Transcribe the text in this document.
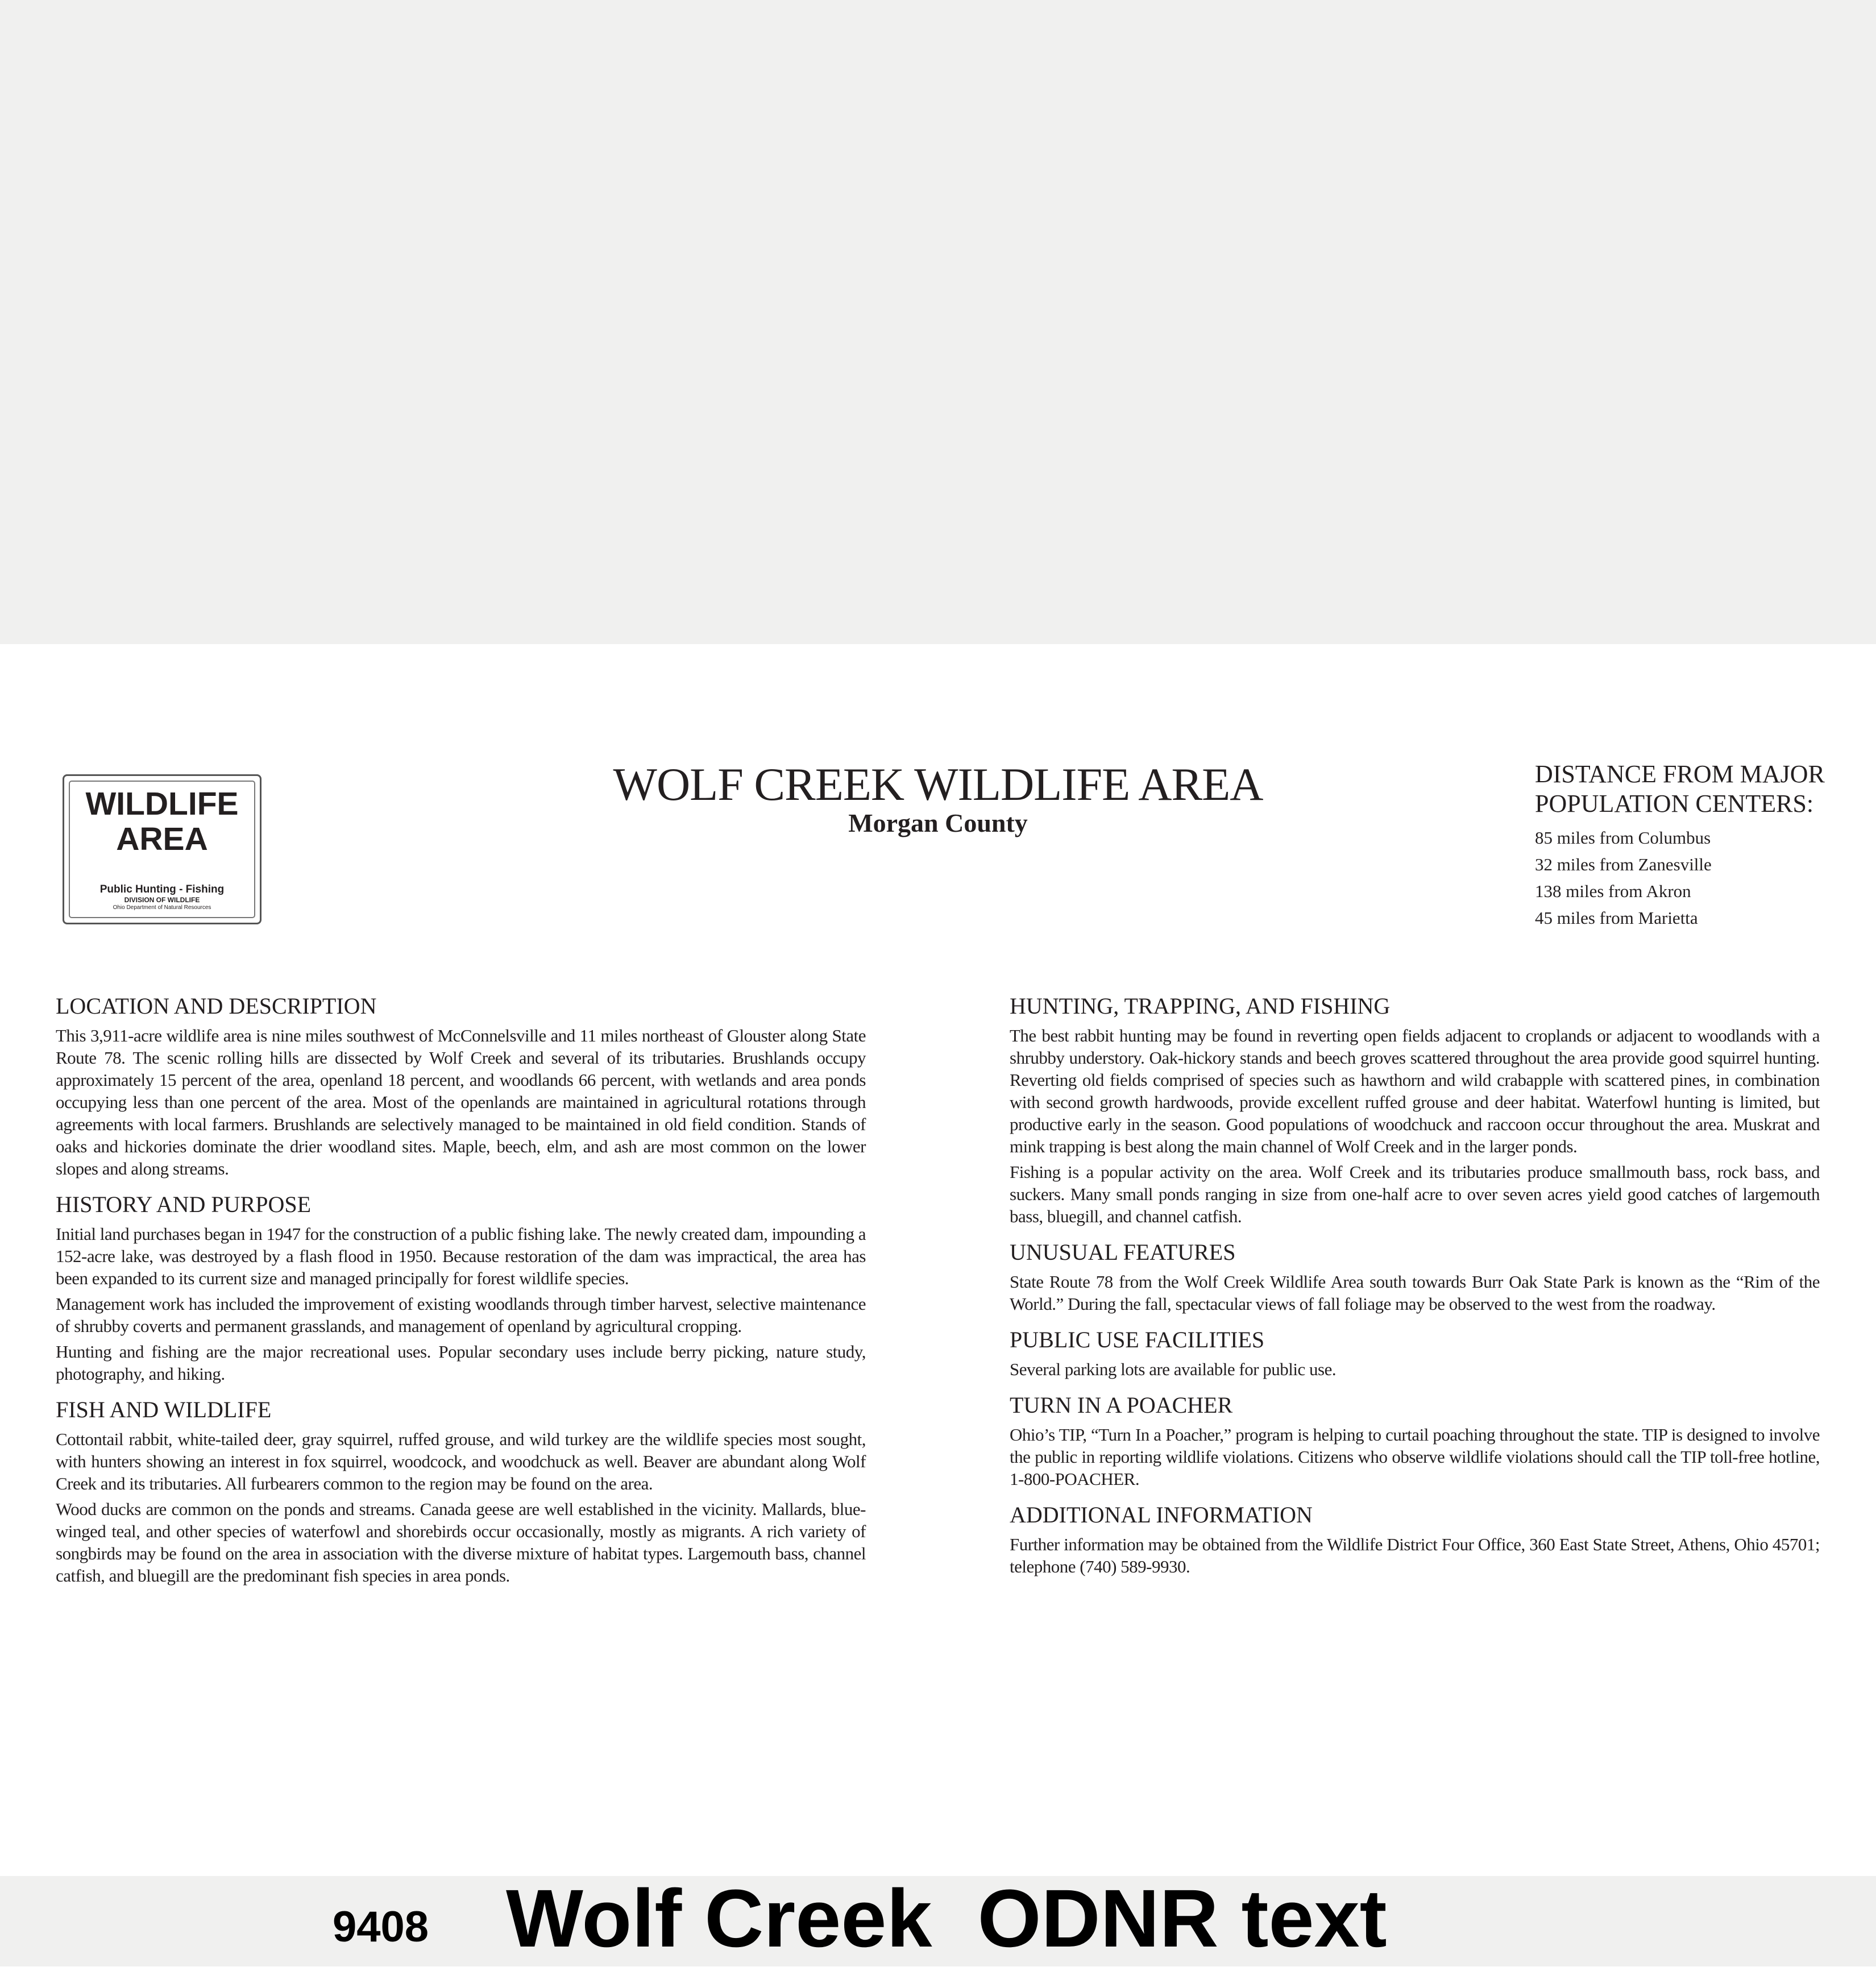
WILDLIFE
AREA
Public Hunting - Fishing
DIVISION OF WILDLIFE
Ohio Department of Natural Resources
WOLF CREEK WILDLIFE AREA
Morgan County
DISTANCE FROM MAJOR
POPULATION CENTERS:
85 miles from Columbus
32 miles from Zanesville
138 miles from Akron
45 miles from Marietta
LOCATION AND DESCRIPTION

This 3,911-acre wildlife area is nine miles southwest of McConnelsville and 11 miles northeast of Glouster along State Route 78. The scenic rolling hills are dissected by Wolf Creek and several of its tributaries. Brushlands occupy approximately 15 percent of the area, openland 18 percent, and woodlands 66 percent, with wetlands and area ponds occupying less than one percent of the area. Most of the openlands are maintained in agricultural rotations through agreements with local farmers. Brushlands are selectively managed to be maintained in old field condition. Stands of oaks and hickories dominate the drier woodland sites. Maple, beech, elm, and ash are most common on the lower slopes and along streams.

HISTORY AND PURPOSE

Initial land purchases began in 1947 for the construction of a public fishing lake. The newly created dam, impounding a 152-acre lake, was destroyed by a flash flood in 1950. Because restoration of the dam was impractical, the area has been expanded to its current size and managed principally for forest wildlife species.

Management work has included the improvement of existing woodlands through timber harvest, selective maintenance of shrubby coverts and permanent grasslands, and management of openland by agricultural cropping.

Hunting and fishing are the major recreational uses. Popular secondary uses include berry picking, nature study, photography, and hiking.

FISH AND WILDLIFE

Cottontail rabbit, white-tailed deer, gray squirrel, ruffed grouse, and wild turkey are the wildlife species most sought, with hunters showing an interest in fox squirrel, woodcock, and woodchuck as well. Beaver are abundant along Wolf Creek and its tributaries. All furbearers common to the region may be found on the area.

Wood ducks are common on the ponds and streams. Canada geese are well established in the vicinity. Mallards, blue-winged teal, and other species of waterfowl and shorebirds occur occasionally, mostly as migrants. A rich variety of songbirds may be found on the area in association with the diverse mixture of habitat types. Largemouth bass, channel catfish, and bluegill are the predominant fish species in area ponds.

HUNTING, TRAPPING, AND FISHING

The best rabbit hunting may be found in reverting open fields adjacent to croplands or adjacent to woodlands with a shrubby understory. Oak-hickory stands and beech groves scattered throughout the area provide good squirrel hunting. Reverting old fields comprised of species such as hawthorn and wild crabapple with scattered pines, in combination with second growth hardwoods, provide excellent ruffed grouse and deer habitat. Waterfowl hunting is limited, but productive early in the season. Good populations of woodchuck and raccoon occur throughout the area. Muskrat and mink trapping is best along the main channel of Wolf Creek and in the larger ponds.

Fishing is a popular activity on the area. Wolf Creek and its tributaries produce smallmouth bass, rock bass, and suckers. Many small ponds ranging in size from one-half acre to over seven acres yield good catches of largemouth bass, bluegill, and channel catfish.

UNUSUAL FEATURES

State Route 78 from the Wolf Creek Wildlife Area south towards Burr Oak State Park is known as the “Rim of the World.” During the fall, spectacular views of fall foliage may be observed to the west from the roadway.

PUBLIC USE FACILITIES

Several parking lots are available for public use.

TURN IN A POACHER

Ohio’s TIP, “Turn In a Poacher,” program is helping to curtail poaching throughout the state. TIP is designed to involve the public in reporting wildlife violations. Citizens who observe wildlife violations should call the TIP toll-free hotline, 1-800-POACHER.

ADDITIONAL INFORMATION

Further information may be obtained from the Wildlife District Four Office, 360 East State Street, Athens, Ohio 45701; telephone (740) 589-9930.

9408 Wolf Creek  ODNR text
